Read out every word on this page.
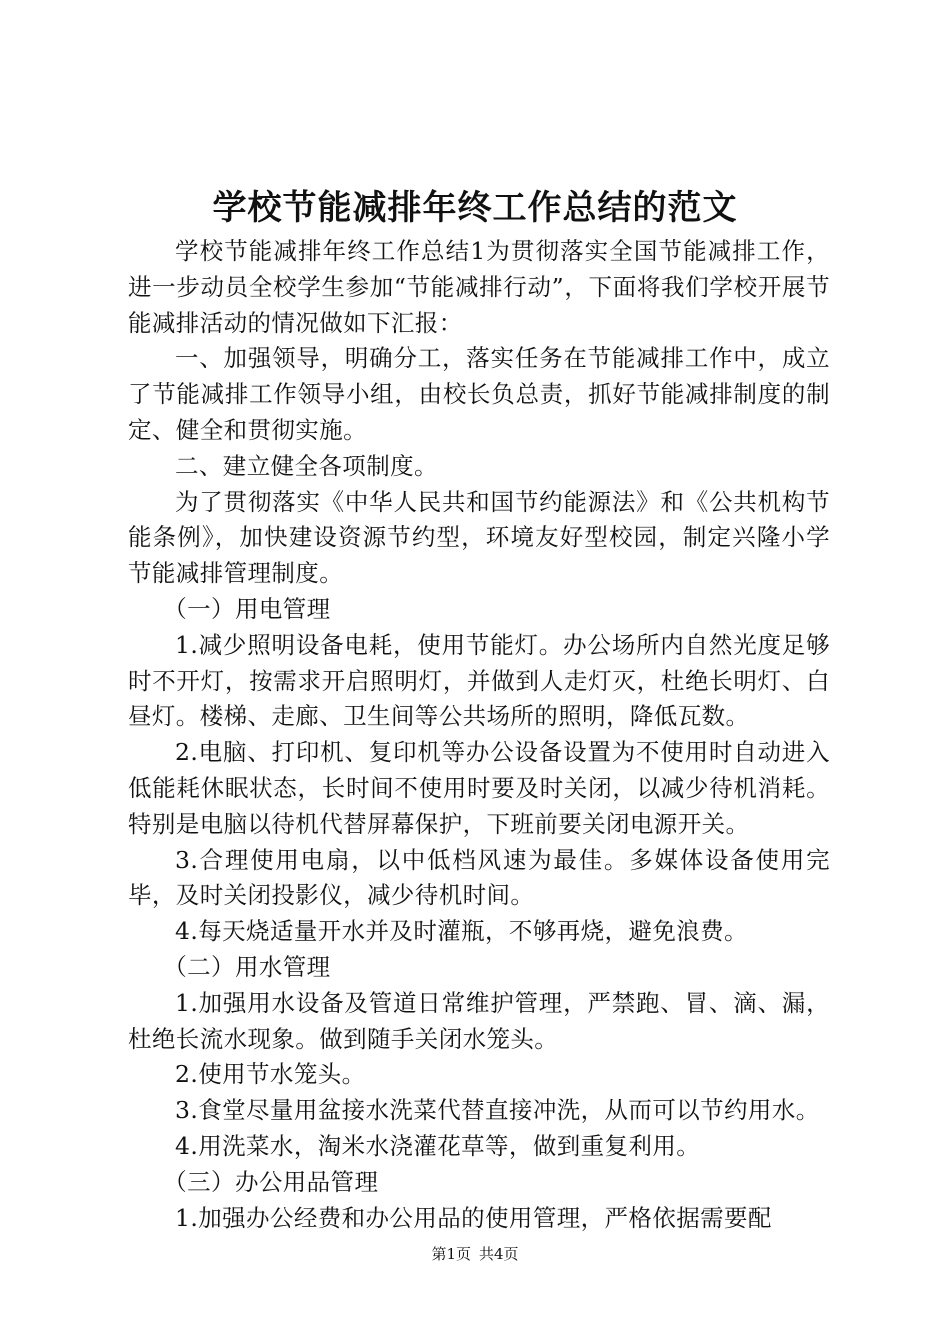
学校节能减排年终工作总结的范文

学校节能减排年终工作总结1为贯彻落实全国节能减排工作，进一步动员全校学生参加“节能减排行动”，下面将我们学校开展节能减排活动的情况做如下汇报：

一、加强领导，明确分工，落实任务在节能减排工作中，成立了节能减排工作领导小组，由校长负总责，抓好节能减排制度的制定、健全和贯彻实施。

二、建立健全各项制度。

为了贯彻落实《中华人民共和国节约能源法》和《公共机构节能条例》，加快建设资源节约型，环境友好型校园，制定兴隆小学节能减排管理制度。

（一）用电管理

1.减少照明设备电耗，使用节能灯。办公场所内自然光度足够时不开灯，按需求开启照明灯，并做到人走灯灭，杜绝长明灯、白昼灯。楼梯、走廊、卫生间等公共场所的照明，降低瓦数。

2.电脑、打印机、复印机等办公设备设置为不使用时自动进入低能耗休眠状态，长时间不使用时要及时关闭，以减少待机消耗。特别是电脑以待机代替屏幕保护，下班前要关闭电源开关。

3.合理使用电扇，以中低档风速为最佳。多媒体设备使用完毕，及时关闭投影仪，减少待机时间。

4.每天烧适量开水并及时灌瓶，不够再烧，避免浪费。

（二）用水管理

1.加强用水设备及管道日常维护管理，严禁跑、冒、滴、漏，杜绝长流水现象。做到随手关闭水笼头。

2.使用节水笼头。

3.食堂尽量用盆接水洗菜代替直接冲洗，从而可以节约用水。

4.用洗菜水，淘米水浇灌花草等，做到重复利用。

（三）办公用品管理

1.加强办公经费和办公用品的使用管理，严格依据需要配

第1页 共4页
